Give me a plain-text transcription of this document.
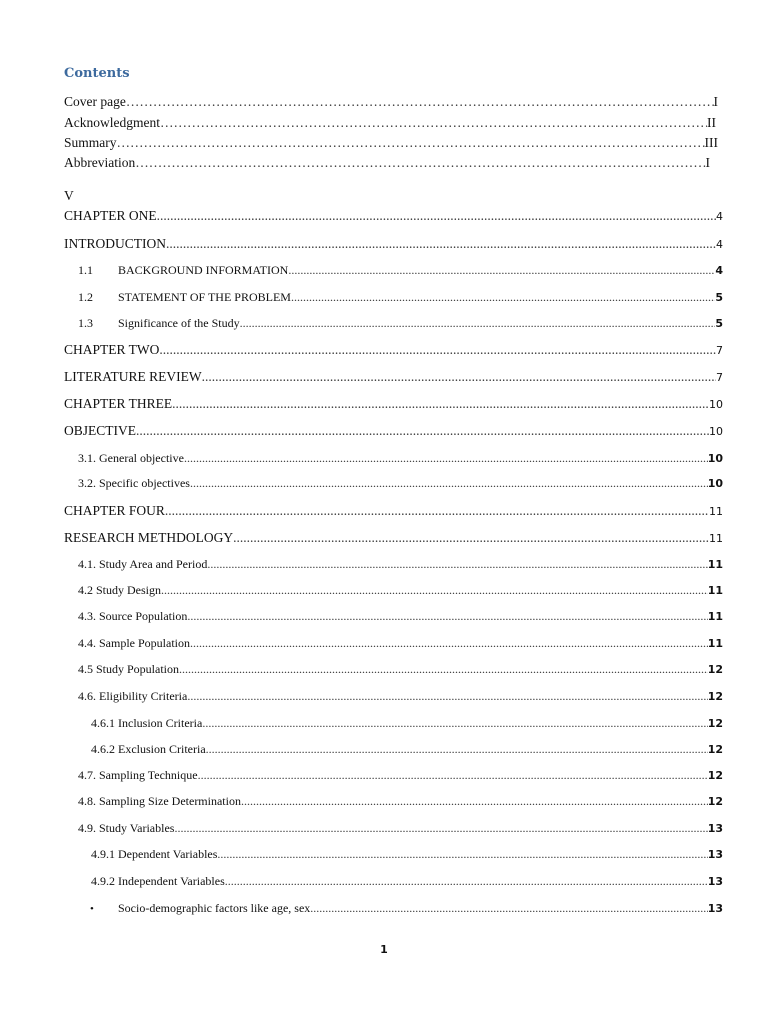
Contents
Cover page ……………………………………………………………………………………………………………………………………………………………………	I
Acknowledgment ……………………………………………………………………………………………………………………………………………………………………	II
Summary ……………………………………………………………………………………………………………………………………………………………………	III
Abbreviation ……………………………………………………………………………………………………………………………………………………………………	I
V
CHAPTER ONE .....	4
INTRODUCTION .....	4
1.1 BACKGROUND INFORMATION .....	4
1.2 STATEMENT OF THE PROBLEM .....	5
1.3 Significance of the Study .....	5
CHAPTER TWO .....	7
LITERATURE REVIEW .....	7
CHAPTER THREE .....	10
OBJECTIVE .....	10
3.1. General objective .....	10
3.2. Specific objectives .....	10
CHAPTER FOUR .....	11
RESEARCH METHDOLOGY .....	11
4.1. Study Area and Period .....	11
4.2 Study Design .....	11
4.3. Source Population .....	11
4.4. Sample Population .....	11
4.5 Study Population .....	12
4.6. Eligibility Criteria .....	12
4.6.1 Inclusion Criteria .....	12
4.6.2 Exclusion Criteria .....	12
4.7. Sampling Technique .....	12
4.8. Sampling Size Determination .....	12
4.9. Study Variables .....	13
4.9.1 Dependent Variables .....	13
4.9.2 Independent Variables .....	13
• Socio-demographic factors like age, sex .....	13
1
